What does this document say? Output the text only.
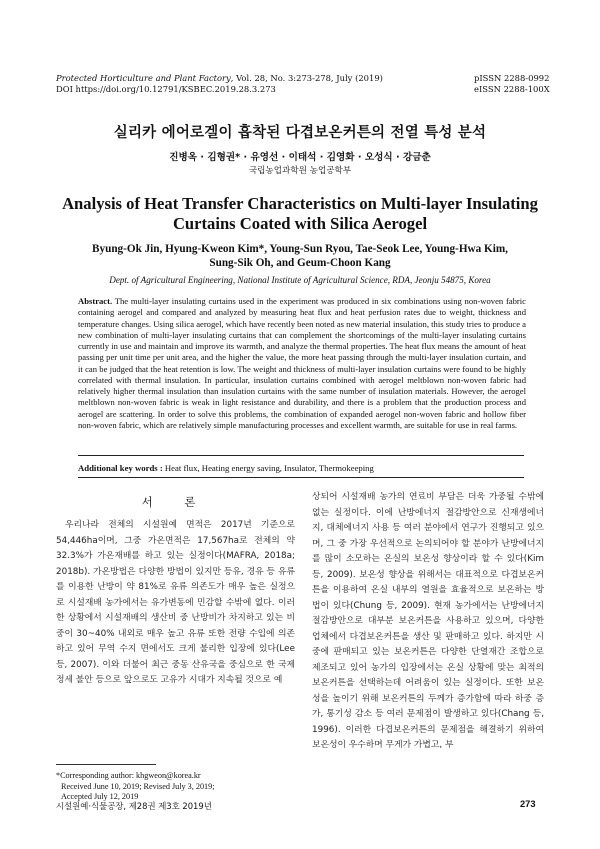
Protected Horticulture and Plant Factory, Vol. 28, No. 3:273-278, July (2019)
DOI https://doi.org/10.12791/KSBEC.2019.28.3.273
pISSN 2288-0992
eISSN 2288-100X
실리카 에어로겔이 흡착된 다겹보온커튼의 전열 특성 분석
진병옥 · 김형권* · 유영선 · 이태석 · 김영화 · 오성식 · 강금춘
국립농업과학원 농업공학부
Analysis of Heat Transfer Characteristics on Multi-layer Insulating
Curtains Coated with Silica Aerogel
Byung-Ok Jin, Hyung-Kweon Kim*, Young-Sun Ryou, Tae-Seok Lee, Young-Hwa Kim,
Sung-Sik Oh, and Geum-Choon Kang
Dept. of Agricultural Engineering, National Institute of Agricultural Science, RDA, Jeonju 54875, Korea
Abstract. The multi-layer insulating curtains used in the experiment was produced in six combinations using non-woven fabric containing aerogel and compared and analyzed by measuring heat flux and heat perfusion rates due to weight, thickness and temperature changes. Using silica aerogel, which have recently been noted as new material insulation, this study tries to produce a new combination of multi-layer insulating curtains that can complement the shortcomings of the multi-layer insulating curtains currently in use and maintain and improve its warmth, and analyze the thermal properties. The heat flux means the amount of heat passing per unit time per unit area, and the higher the value, the more heat passing through the multi-layer insulation curtain, and it can be judged that the heat retention is low. The weight and thickness of multi-layer insulation curtains were found to be highly correlated with thermal insulation. In particular, insulation curtains combined with aerogel meltblown non-woven fabric had relatively higher thermal insulation than insulation curtains with the same number of insulation materials. However, the aerogel meltblown non-woven fabric is weak in light resistance and durability, and there is a problem that the production process and aerogel are scattering. In order to solve this problems, the combination of expanded aerogel non-woven fabric and hollow fiber non-woven fabric, which are relatively simple manufacturing processes and excellent warmth, are suitable for use in real farms.
Additional key words : Heat flux, Heating energy saving, Insulator, Thermokeeping
서 론
우리나라 전체의 시설원예 면적은 2017년 기준으로 54,446ha이며, 그중 가온면적은 17,567ha로 전체의 약 32.3%가 가온재배를 하고 있는 실정이다(MAFRA, 2018a; 2018b). 가온방법은 다양한 방법이 있지만 등유, 경유 등 유류를 이용한 난방이 약 81%로 유류 의존도가 매우 높은 실정으로 시설재배 농가에서는 유가변동에 민감할 수밖에 없다. 이러한 상황에서 시설재배의 생산비 중 난방비가 차지하고 있는 비중이 30~40% 내외로 매우 높고 유류 또한 전량 수입에 의존하고 있어 무역 수지 면에서도 크게 불리한 입장에 있다(Lee 등, 2007). 이와 더불어 최근 중동 산유국을 중심으로 한 국제정세 불안 등으로 앞으로도 고유가 시대가 지속될 것으로 예
상되어 시설재배 농가의 연료비 부담은 더욱 가중될 수밖에 없는 실정이다. 이에 난방에너지 절감방안으로 신재생에너지, 대체에너지 사용 등 여러 분야에서 연구가 진행되고 있으며, 그 중 가장 우선적으로 논의되어야 할 분야가 난방에너지를 많이 소모하는 온실의 보온성 향상이라 할 수 있다(Kim 등, 2009). 보온성 향상을 위해서는 대표적으로 다겹보온커튼을 이용하여 온실 내부의 열원을 효율적으로 보온하는 방법이 있다(Chung 등, 2009). 현재 농가에서는 난방에너지 절감방안으로 대부분 보온커튼을 사용하고 있으며, 다양한 업체에서 다겹보온커튼을 생산 및 판매하고 있다. 하지만 시중에 판매되고 있는 보온커튼은 다양한 단열재간 조합으로 제조되고 있어 농가의 입장에서는 온실 상황에 맞는 최적의 보온커튼을 선택하는데 어려움이 있는 실정이다. 또한 보온성을 높이기 위해 보온커튼의 두께가 증가함에 따라 하중 증가, 통기성 감소 등 여러 문제점이 발생하고 있다(Chang 등, 1996). 이러한 다겹보온커튼의 문제점을 해결하기 위하여 보온성이 우수하며 무게가 가볍고, 부
*Corresponding author: khgweon@korea.kr
Received June 10, 2019; Revised July 3, 2019;
Accepted July 12, 2019
시설원예·식물공장, 제28권 제3호 2019년	273
